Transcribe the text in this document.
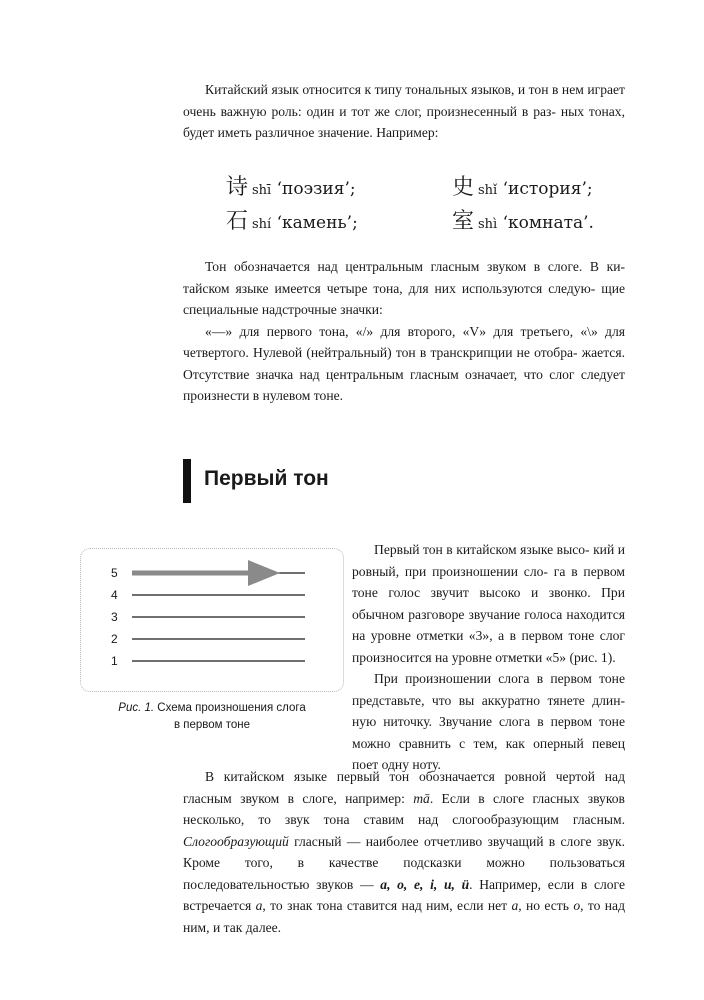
Китайский язык относится к типу тональных языков, и тон в нем играет очень важную роль: один и тот же слог, произнесенный в раз- ных тонах, будет иметь различное значение. Например:

诗shī ‘поэзия’;	史shǐ ‘история’;
石shí ‘камень’;	室shì ‘комната’.

Тон обозначается над центральным гласным звуком в слоге. В ки- тайском языке имеется четыре тона, для них используются следую- щие специальные надстрочные значки:
«—» для первого тона, «/» для второго, «V» для третьего, «\» для четвертого. Нулевой (нейтральный) тон в транскрипции не отобра- жается. Отсутствие значка над центральным гласным означает, что слог следует произнести в нулевом тоне.

Первый тон
5
4
3
2
1

Рис. 1. Схема произношения слога
в первом тоне

Первый тон в китайском языке высо- кий и ровный, при произношении сло- га в первом тоне голос звучит высоко и звонко. При обычном разговоре звучание голоса находится на уровне отметки «3», а в первом тоне слог произносится на уровне отметки «5» (рис. 1).
При произношении слога в первом тоне представьте, что вы аккуратно тянете длин- ную ниточку. Звучание слога в первом тоне можно сравнить с тем, как оперный певец поет одну ноту.

В китайском языке первый тон обозначается ровной чертой над гласным звуком в слоге, например: mā. Если в слоге гласных звуков несколько, то звук тона ставим над слогообразующим гласным. Слогообразующий гласный — наиболее отчетливо звучащий в слоге звук. Кроме того, в качестве подсказки можно пользоваться последовательностью звуков — a, o, e, i, u, ü. Например, если в слоге встречается a, то знак тона ставится над ним, если нет a, но есть o, то над ним, и так далее.
